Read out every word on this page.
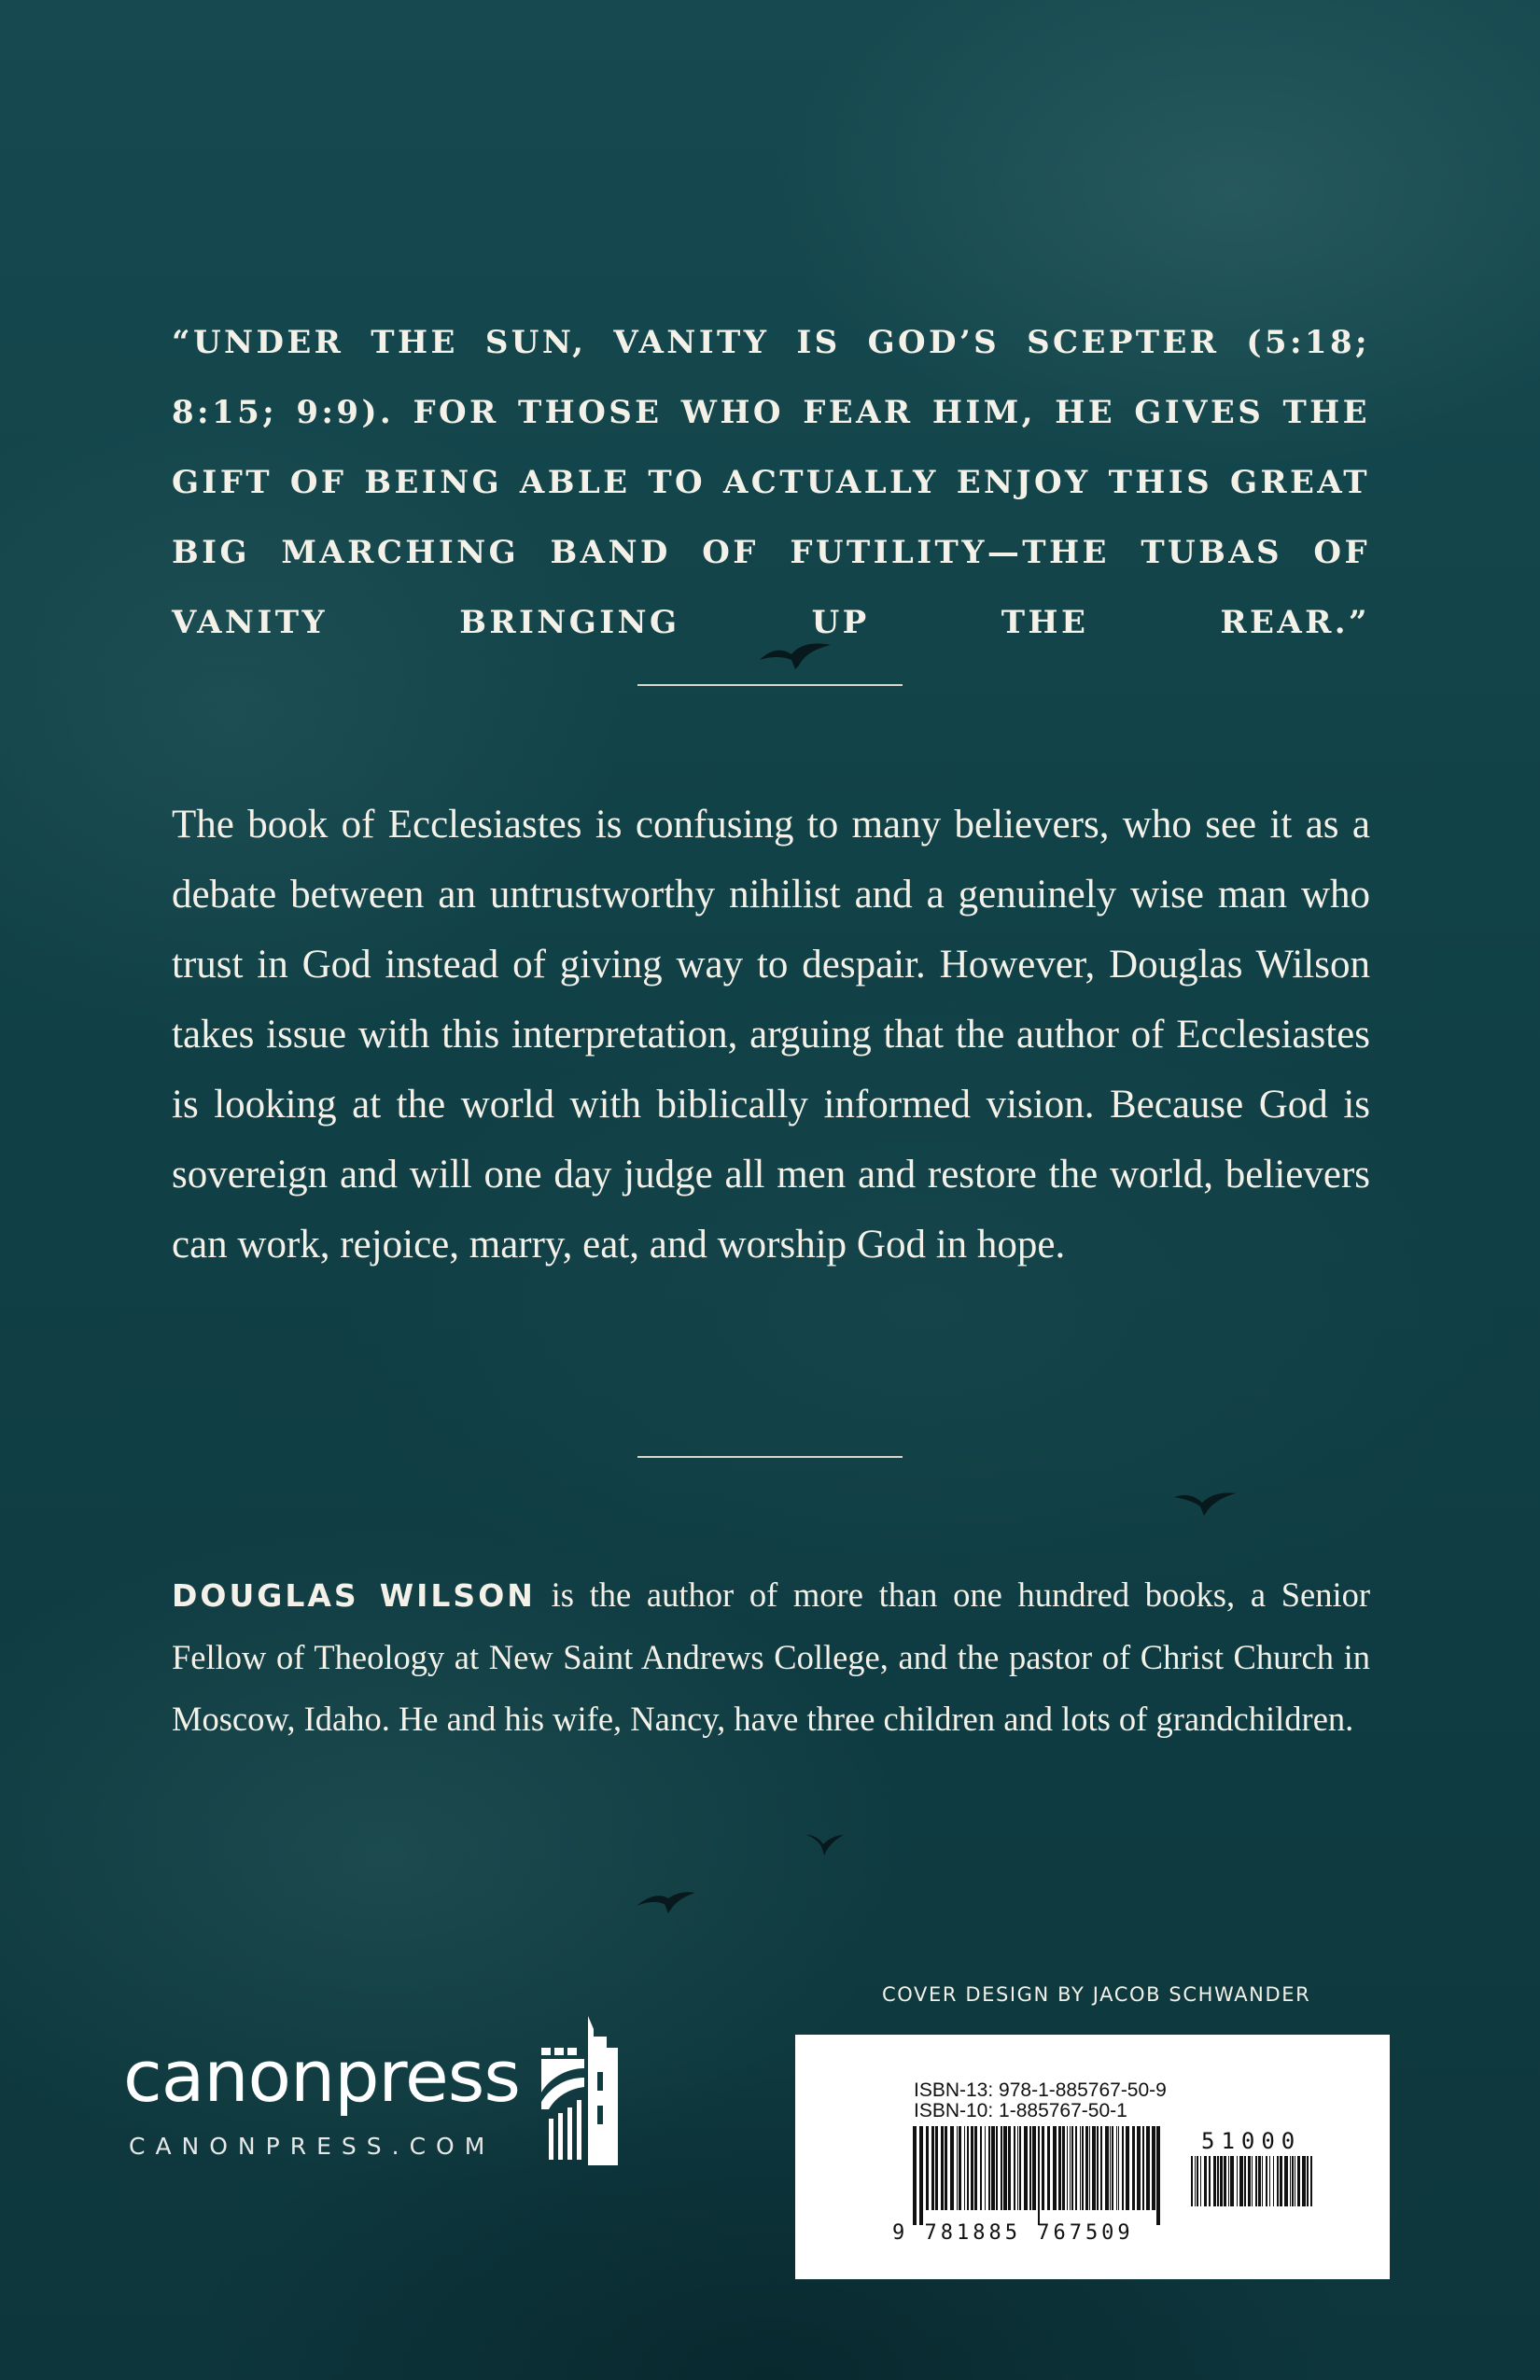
“UNDER THE SUN, VANITY IS GOD’S SCEPTER (5:18; 8:15; 9:9). FOR THOSE WHO FEAR HIM, HE GIVES THE GIFT OF BEING ABLE TO ACTUALLY ENJOY THIS GREAT BIG MARCHING BAND OF FUTILITY—THE TUBAS OF VANITY BRINGING UP THE REAR.”

The book of Ecclesiastes is confusing to many believers, who see it as a debate between an untrustworthy nihilist and a genuinely wise man who trust in God instead of giving way to despair. However, Douglas Wilson takes issue with this interpretation, arguing that the author of Ecclesiastes is looking at the world with biblically informed vision. Because God is sovereign and will one day judge all men and restore the world, believers can work, rejoice, marry, eat, and worship God in hope.

DOUGLAS WILSON is the author of more than one hundred books, a Senior Fellow of Theology at New Saint Andrews College, and the pastor of Christ Church in Moscow, Idaho. He and his wife, Nancy, have three children and lots of grandchildren.

COVER DESIGN BY JACOB SCHWANDER
ISBN-13: 978-1-885767-50-9
ISBN-10: 1-885767-50-1
9 781885 767509
51000
canonpress
CANONPRESS.COM
